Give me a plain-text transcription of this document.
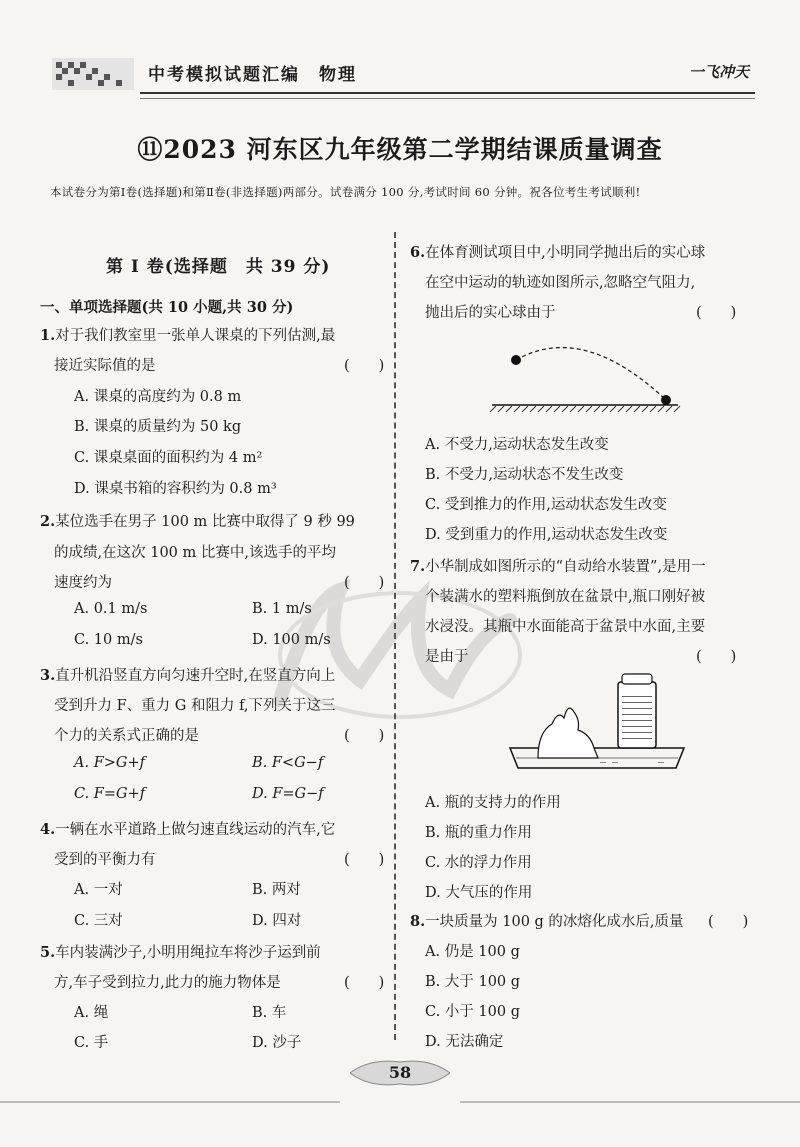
中考模拟试题汇编　物理	一飞冲天
⑪2023 河东区九年级第二学期结课质量调查
本试卷分为第Ⅰ卷(选择题)和第Ⅱ卷(非选择题)两部分。试卷满分 100 分,考试时间 60 分钟。祝各位考生考试顺利!
第 Ⅰ 卷(选择题　共 39 分)
一、单项选择题(共 10 小题,共 30 分)
1.对于我们教室里一张单人课桌的下列估测,最
接近实际值的是	(　　)
A. 课桌的高度约为 0.8 m
B. 课桌的质量约为 50 kg
C. 课桌桌面的面积约为 4 m²
D. 课桌书箱的容积约为 0.8 m³
2.某位选手在男子 100 m 比赛中取得了 9 秒 99
的成绩,在这次 100 m 比赛中,该选手的平均
速度约为	(　　)
A. 0.1 m/s	B. 1 m/s
C. 10 m/s	D. 100 m/s
3.直升机沿竖直方向匀速升空时,在竖直方向上
受到升力 F、重力 G 和阻力 f,下列关于这三
个力的关系式正确的是	(　　)
A. F>G+f	B. F<G−f
C. F=G+f	D. F=G−f
4.一辆在水平道路上做匀速直线运动的汽车,它
受到的平衡力有	(　　)
A. 一对	B. 两对
C. 三对	D. 四对
5.车内装满沙子,小明用绳拉车将沙子运到前
方,车子受到拉力,此力的施力物体是	(　　)
A. 绳	B. 车
C. 手	D. 沙子
6.在体育测试项目中,小明同学抛出后的实心球
在空中运动的轨迹如图所示,忽略空气阻力,
抛出后的实心球由于	(　　)
A. 不受力,运动状态发生改变
B. 不受力,运动状态不发生改变
C. 受到推力的作用,运动状态发生改变
D. 受到重力的作用,运动状态发生改变
7.小华制成如图所示的“自动给水装置”,是用一
个装满水的塑料瓶倒放在盆景中,瓶口刚好被
水浸没。其瓶中水面能高于盆景中水面,主要
是由于	(　　)
A. 瓶的支持力的作用
B. 瓶的重力作用
C. 水的浮力作用
D. 大气压的作用
8.一块质量为 100 g 的冰熔化成水后,质量 (　　)
A. 仍是 100 g
B. 大于 100 g
C. 小于 100 g
D. 无法确定
58
